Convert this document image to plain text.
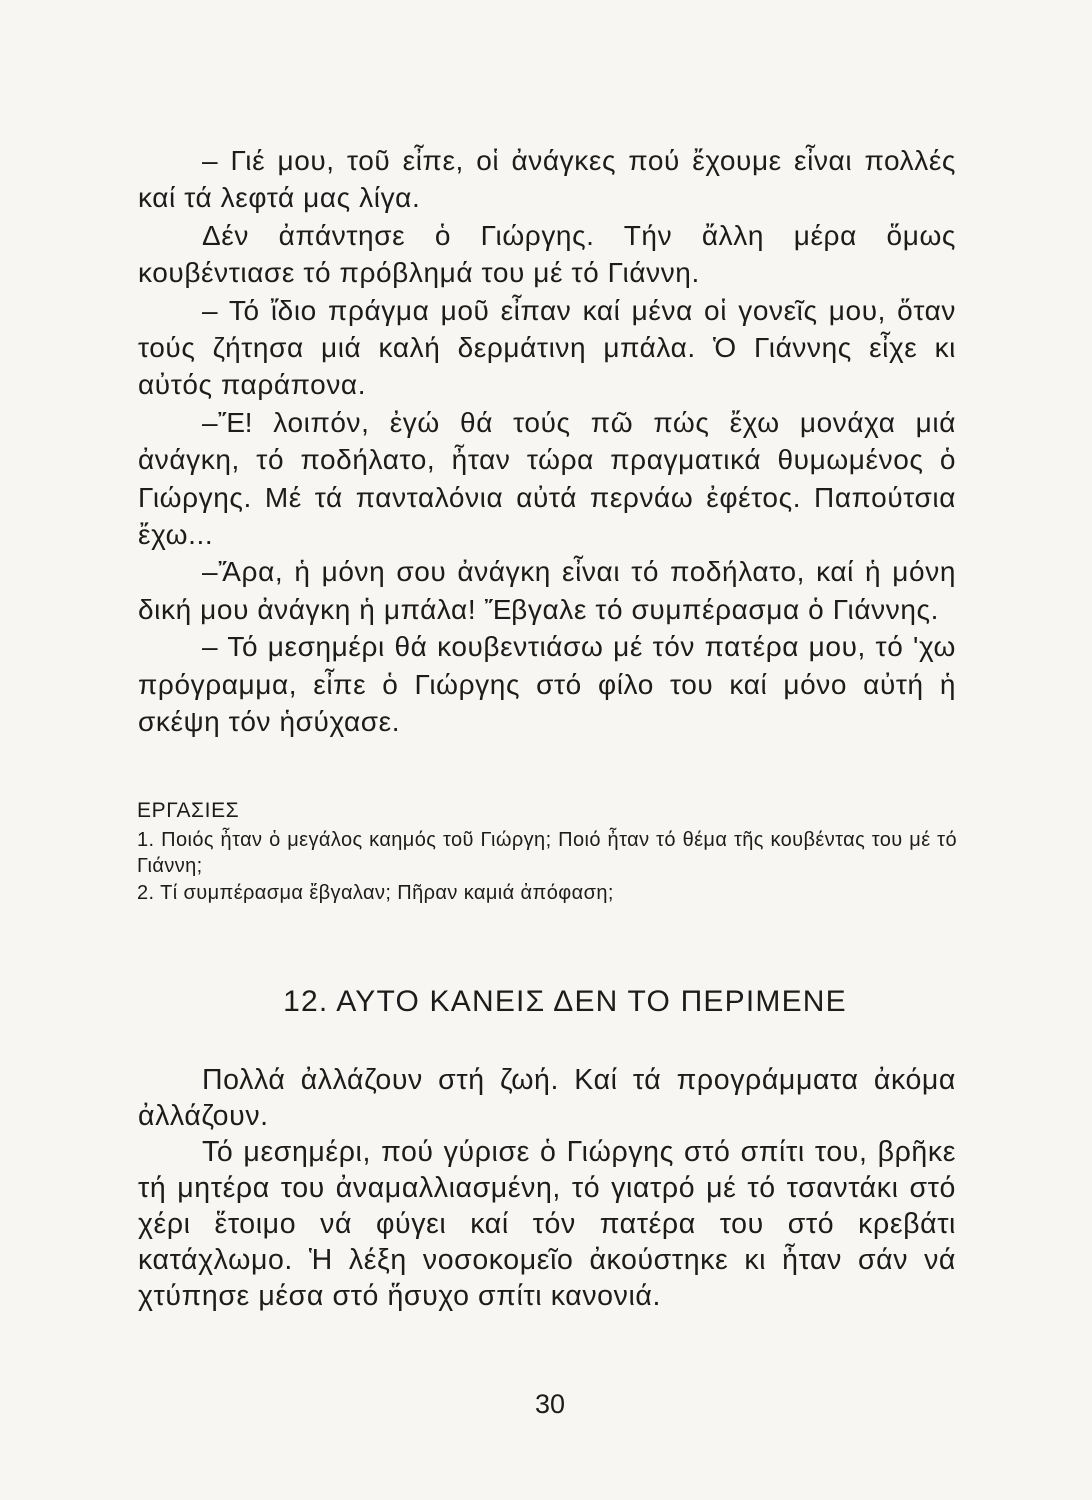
– Γιέ μου, τοῦ εἶπε, οἱ ἀνάγκες πού ἔχουμε εἶναι πολλές καί τά λεφτά μας λίγα.

Δέν ἀπάντησε ὁ Γιώργης. Τήν ἄλλη μέρα ὅμως κουβέντιασε τό πρόβλημά του μέ τό Γιάννη.

– Τό ἴδιο πράγμα μοῦ εἶπαν καί μένα οἱ γονεῖς μου, ὅταν τούς ζήτησα μιά καλή δερμάτινη μπάλα. Ὁ Γιάννης εἶχε κι αὐτός παράπονα.

–Ἔ! λοιπόν, ἐγώ θά τούς πῶ πώς ἔχω μονάχα μιά ἀνάγκη, τό ποδήλατο, ἦταν τώρα πραγματικά θυμωμένος ὁ Γιώργης. Μέ τά πανταλόνια αὐτά περνάω ἐφέτος. Παπούτσια ἔχω...

–Ἄρα, ἡ μόνη σου ἀνάγκη εἶναι τό ποδήλατο, καί ἡ μόνη δική μου ἀνάγκη ἡ μπάλα! Ἔβγαλε τό συμπέρασμα ὁ Γιάννης.

– Τό μεσημέρι θά κουβεντιάσω μέ τόν πατέρα μου, τό 'χω πρόγραμμα, εἶπε ὁ Γιώργης στό φίλο του καί μόνο αὐτή ἡ σκέψη τόν ἡσύχασε.

ΕΡΓΑΣΙΕΣ

1. Ποιός ἦταν ὁ μεγάλος καημός τοῦ Γιώργη; Ποιό ἦταν τό θέμα τῆς κουβέντας του μέ τό Γιάννη;

2. Τί συμπέρασμα ἔβγαλαν; Πῆραν καμιά ἀπόφαση;

12. ΑΥΤΟ ΚΑΝΕΙΣ ΔΕΝ ΤΟ ΠΕΡΙΜΕΝΕ

Πολλά ἀλλάζουν στή ζωή. Καί τά προγράμματα ἀκόμα ἀλλάζουν.

Τό μεσημέρι, πού γύρισε ὁ Γιώργης στό σπίτι του, βρῆκε τή μητέρα του ἀναμαλλιασμένη, τό γιατρό μέ τό τσαντάκι στό χέρι ἕτοιμο νά φύγει καί τόν πατέρα του στό κρεβάτι κατάχλωμο. Ἡ λέξη νοσοκομεῖο ἀκούστηκε κι ἦταν σάν νά χτύπησε μέσα στό ἥσυχο σπίτι κανονιά.

30
